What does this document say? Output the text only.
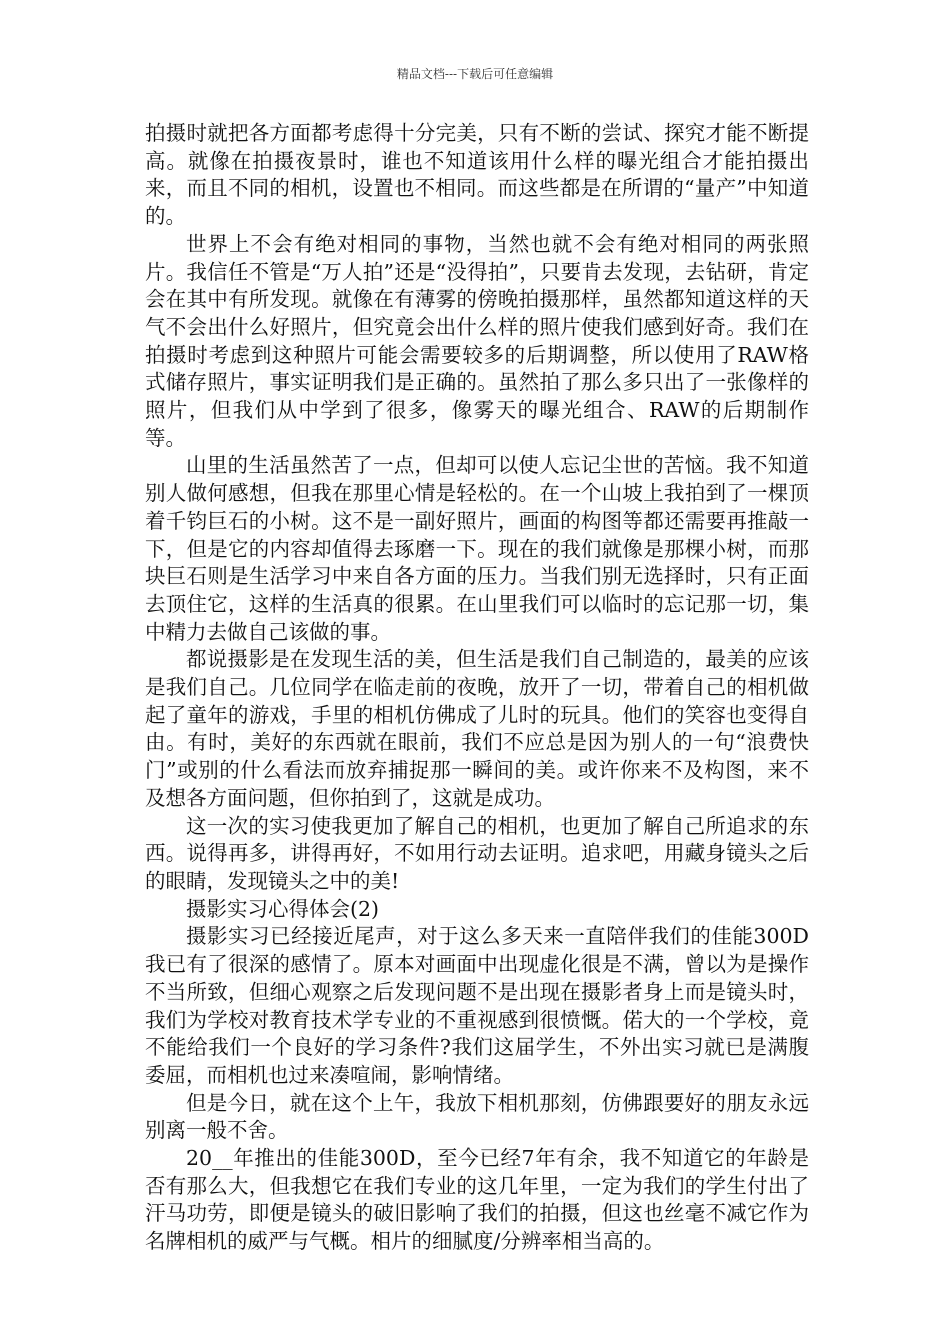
精品文档---下载后可任意编辑

拍摄时就把各方面都考虑得十分完美，只有不断的尝试、探究才能不断提高。就像在拍摄夜景时，谁也不知道该用什么样的曝光组合才能拍摄出来，而且不同的相机，设置也不相同。而这些都是在所谓的“量产”中知道的。

世界上不会有绝对相同的事物，当然也就不会有绝对相同的两张照片。我信任不管是“万人拍”还是“没得拍”，只要肯去发现，去钻研，肯定会在其中有所发现。就像在有薄雾的傍晚拍摄那样，虽然都知道这样的天气不会出什么好照片，但究竟会出什么样的照片使我们感到好奇。我们在拍摄时考虑到这种照片可能会需要较多的后期调整，所以使用了RAW格式储存照片，事实证明我们是正确的。虽然拍了那么多只出了一张像样的照片，但我们从中学到了很多，像雾天的曝光组合、RAW的后期制作等。

山里的生活虽然苦了一点，但却可以使人忘记尘世的苦恼。我不知道别人做何感想，但我在那里心情是轻松的。在一个山坡上我拍到了一棵顶着千钧巨石的小树。这不是一副好照片，画面的构图等都还需要再推敲一下，但是它的内容却值得去琢磨一下。现在的我们就像是那棵小树，而那块巨石则是生活学习中来自各方面的压力。当我们别无选择时，只有正面去顶住它，这样的生活真的很累。在山里我们可以临时的忘记那一切，集中精力去做自己该做的事。

都说摄影是在发现生活的美，但生活是我们自己制造的，最美的应该是我们自己。几位同学在临走前的夜晚，放开了一切，带着自己的相机做起了童年的游戏，手里的相机仿佛成了儿时的玩具。他们的笑容也变得自由。有时，美好的东西就在眼前，我们不应总是因为别人的一句“浪费快门”或别的什么看法而放弃捕捉那一瞬间的美。或许你来不及构图，来不及想各方面问题，但你拍到了，这就是成功。

这一次的实习使我更加了解自己的相机，也更加了解自己所追求的东西。说得再多，讲得再好，不如用行动去证明。追求吧，用藏身镜头之后的眼睛，发现镜头之中的美!

摄影实习心得体会(2)

摄影实习已经接近尾声，对于这么多天来一直陪伴我们的佳能300D我已有了很深的感情了。原本对画面中出现虚化很是不满，曾以为是操作不当所致，但细心观察之后发现问题不是出现在摄影者身上而是镜头时，我们为学校对教育技术学专业的不重视感到很愤慨。偌大的一个学校，竟不能给我们一个良好的学习条件?我们这届学生，不外出实习就已是满腹委屈，而相机也过来凑喧闹，影响情绪。

但是今日，就在这个上午，我放下相机那刻，仿佛跟要好的朋友永远别离一般不舍。

20__年推出的佳能300D，至今已经7年有余，我不知道它的年龄是否有那么大，但我想它在我们专业的这几年里，一定为我们的学生付出了汗马功劳，即便是镜头的破旧影响了我们的拍摄，但这也丝毫不减它作为名牌相机的威严与气概。相片的细腻度/分辨率相当高的。
